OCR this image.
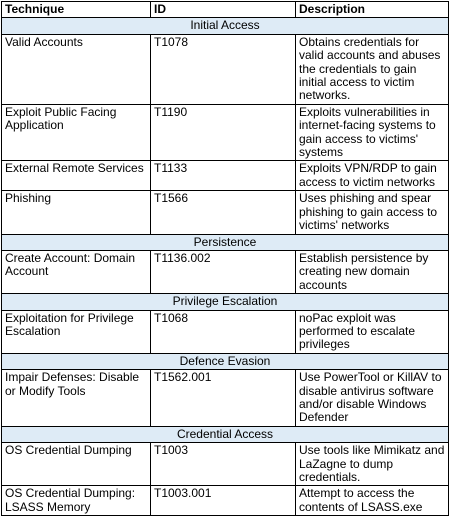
Technique	ID	Description
Initial Access		
Valid Accounts	T1078	Obtains credentials for valid accounts and abuses the credentials to gain initial access to victim networks.
Exploit Public Facing Application	T1190	Exploits vulnerabilities in internet-facing systems to gain access to victims' systems
External Remote Services	T1133	Exploits VPN/RDP to gain access to victim networks
Phishing	T1566	Uses phishing and spear phishing to gain access to victims' networks
Persistence		
Create Account: Domain Account	T1136.002	Establish persistence by creating new domain accounts
Privilege Escalation		
Exploitation for Privilege Escalation	T1068	noPac exploit was performed to escalate privileges
Defence Evasion		
Impair Defenses: Disable or Modify Tools	T1562.001	Use PowerTool or KillAV to disable antivirus software and/or disable Windows Defender
Credential Access		
OS Credential Dumping	T1003	Use tools like Mimikatz and LaZagne to dump credentials.
OS Credential Dumping: LSASS Memory	T1003.001	Attempt to access the contents of LSASS.exe
